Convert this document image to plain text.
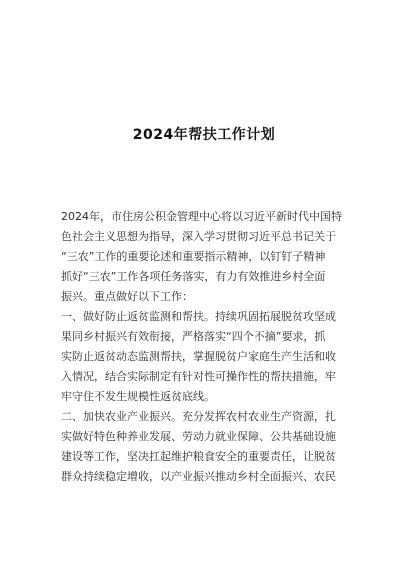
2024年帮扶工作计划
2024年，市住房公积金管理中心将以习近平新时代中国特
色社会主义思想为指导，深入学习贯彻习近平总书记关于
“三农”工作的重要论述和重要指示精神，以钉钉子精神
抓好“三农”工作各项任务落实，有力有效推进乡村全面
振兴。重点做好以下工作：
一、做好防止返贫监测和帮扶。持续巩固拓展脱贫攻坚成
果同乡村振兴有效衔接，严格落实“四个不摘”要求，抓
实防止返贫动态监测帮扶，掌握脱贫户家庭生产生活和收
入情况，结合实际制定有针对性可操作性的帮扶措施，牢
牢守住不发生规模性返贫底线。
二、加快农业产业振兴。充分发挥农村农业生产资源，扎
实做好特色种养业发展、劳动力就业保障、公共基础设施
建设等工作，坚决扛起维护粮食安全的重要责任，让脱贫
群众持续稳定增收，以产业振兴推动乡村全面振兴、农民
